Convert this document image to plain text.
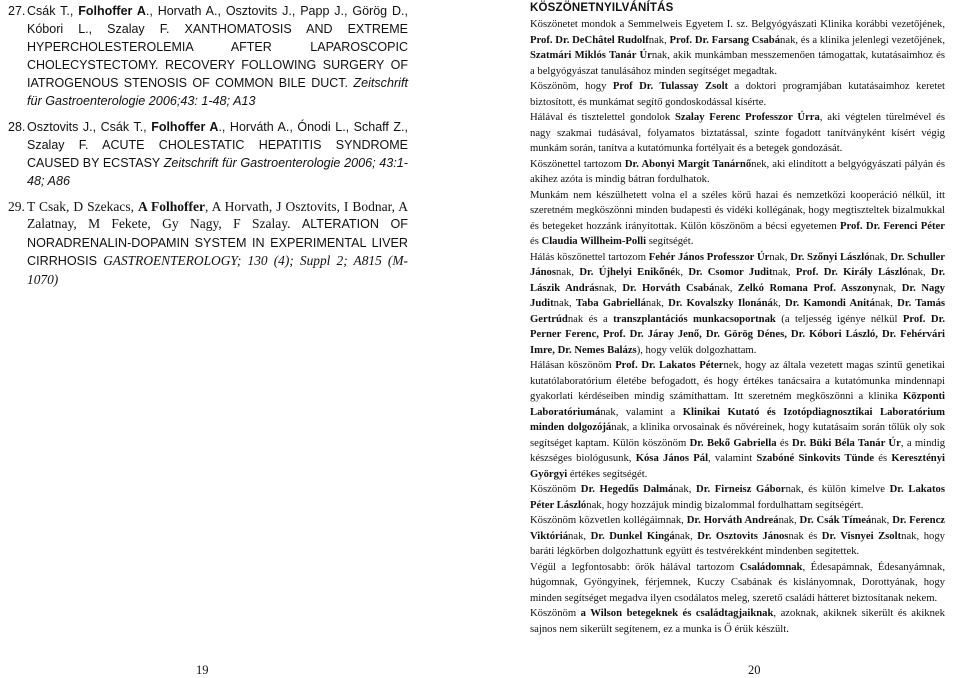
27. Csák T., Folhoffer A., Horvath A., Osztovits J., Papp J., Görög D., Kóbori L., Szalay F. XANTHOMATOSIS AND EXTREME HYPERCHOLESTEROLEMIA AFTER LAPAROSCOPIC CHOLECYSTECTOMY. RECOVERY FOLLOWING SURGERY OF IATROGENOUS STENOSIS OF COMMON BILE DUCT. Zeitschrift für Gastroenterologie 2006;43: 1-48; A13
28. Osztovits J., Csák T., Folhoffer A., Horváth A., Ónodi L., Schaff Z., Szalay F. ACUTE CHOLESTATIC HEPATITIS SYNDROME CAUSED BY ECSTASY Zeitschrift für Gastroenterologie 2006; 43:1-48; A86
29. T Csak, D Szekacs, A Folhoffer, A Horvath, J Osztovits, I Bodnar, A Zalatnay, M Fekete, Gy Nagy, F Szalay. ALTERATION OF NORADRENALIN-DOPAMIN SYSTEM IN EXPERIMENTAL LIVER CIRRHOSIS GASTROENTEROLOGY; 130 (4); Suppl 2; A815 (M-1070)
19
KÖSZÖNETNYILVÁNÍTÁS

Köszönetet mondok a Semmelweis Egyetem I. sz. Belgyógyászati Klinika korábbi vezetőjének, Prof. Dr. DeChâtel Rudolfnak, Prof. Dr. Farsang Csabának, és a klinika jelenlegi vezetőjének, Szatmári Miklós Tanár Úrnak, akik munkámban messzemenően támogattak, kutatásaimhoz és a belgyógyászat tanulásához minden segítséget megadtak.

Köszönöm, hogy Prof Dr. Tulassay Zsolt a doktori programjában kutatásaimhoz keretet biztosított, és munkámat segítő gondoskodással kísérte.

Hálával és tisztelettel gondolok Szalay Ferenc Professzor Úrra, aki végtelen türelmével és nagy szakmai tudásával, folyamatos biztatással, szinte fogadott tanítványként kísért végig munkám során, tanítva a kutatómunka fortélyait és a betegek gondozását.

Köszönettel tartozom Dr. Abonyi Margit Tanárnőnek, aki elindított a belgyógyászati pályán és akihez azóta is mindig bátran fordulhatok.

Munkám nem készülhetett volna el a széles körű hazai és nemzetközi kooperáció nélkül, itt szeretném megköszönni minden budapesti és vidéki kollégának, hogy megtiszteltek bizalmukkal és betegeket hozzánk irányítottak. Külön köszönöm a bécsi egyetemen Prof. Dr. Ferenci Péter és Claudia Willheim-Polli segítségét.

Hálás köszönettel tartozom Fehér János Professzor Úrnak, Dr. Szőnyi Lászlónak, Dr. Schuller Jánosnak, Dr. Újhelyi Enikőnék, Dr. Csomor Juditnak, Prof. Dr. Király Lászlónak, Dr. Lászik Andrásnak, Dr. Horváth Csabának, Zelkó Romana Prof. Asszonynak, Dr. Nagy Juditnak, Taba Gabriellának, Dr. Kovalszky Ilonánák, Dr. Kamondi Anitának, Dr. Tamás Gertrúdnak és a transzplantációs munkacsoportnak (a teljesség igénye nélkül Prof. Dr. Perner Ferenc, Prof. Dr. Járay Jenő, Dr. Görög Dénes, Dr. Kóbori László, Dr. Fehérvári Imre, Dr. Nemes Balázs), hogy velük dolgozhattam.

Hálásan köszönöm Prof. Dr. Lakatos Péternek, hogy az általa vezetett magas szintű genetikai kutatólaboratórium életébe befogadott, és hogy értékes tanácsaira a kutatómunka mindennapi gyakorlati kérdéseiben mindig számíthattam. Itt szeretném megköszönni a klinika Központi Laboratóriumának, valamint a Klinikai Kutató és Izotópdiagnosztikai Laboratórium minden dolgozójának, a klinika orvosainak és nővéreinek, hogy kutatásaim során tőlük oly sok segítséget kaptam. Külön köszönöm Dr. Bekő Gabriella és Dr. Büki Béla Tanár Úr, a mindig készséges biológusunk, Kósa János Pál, valamint Szabóné Sinkovits Tünde és Keresztényi Györgyi értékes segítségét.

Köszönöm Dr. Hegedűs Dalmának, Dr. Firneisz Gábornak, és külön kimelve Dr. Lakatos Péter Lászlónak, hogy hozzájuk mindig bizalommal fordulhattam segítségért.

Köszönöm közvetlen kollégáimnak, Dr. Horváth Andreának, Dr. Csák Tímeának, Dr. Ferencz Viktóriának, Dr. Dunkel Kingának, Dr. Osztovits Jánosnak és Dr. Visnyei Zsoltnak, hogy baráti légkörben dolgozhattunk együtt és testvérekként mindenben segítettek.

Végül a legfontosabb: örök hálával tartozom Családomnak, Édesapámnak, Édesanyámnak, húgomnak, Gyöngyinek, férjemnek, Kuczy Csabának és kislányomnak, Dorottyának, hogy minden segítséget megadva ilyen csodálatos meleg, szerető családi hátteret biztosítanak nekem.

Köszönöm a Wilson betegeknek és családtagjaiknak, azoknak, akiknek sikerült és akiknek sajnos nem sikerült segítenem, ez a munka is Ő érük készült.

20
